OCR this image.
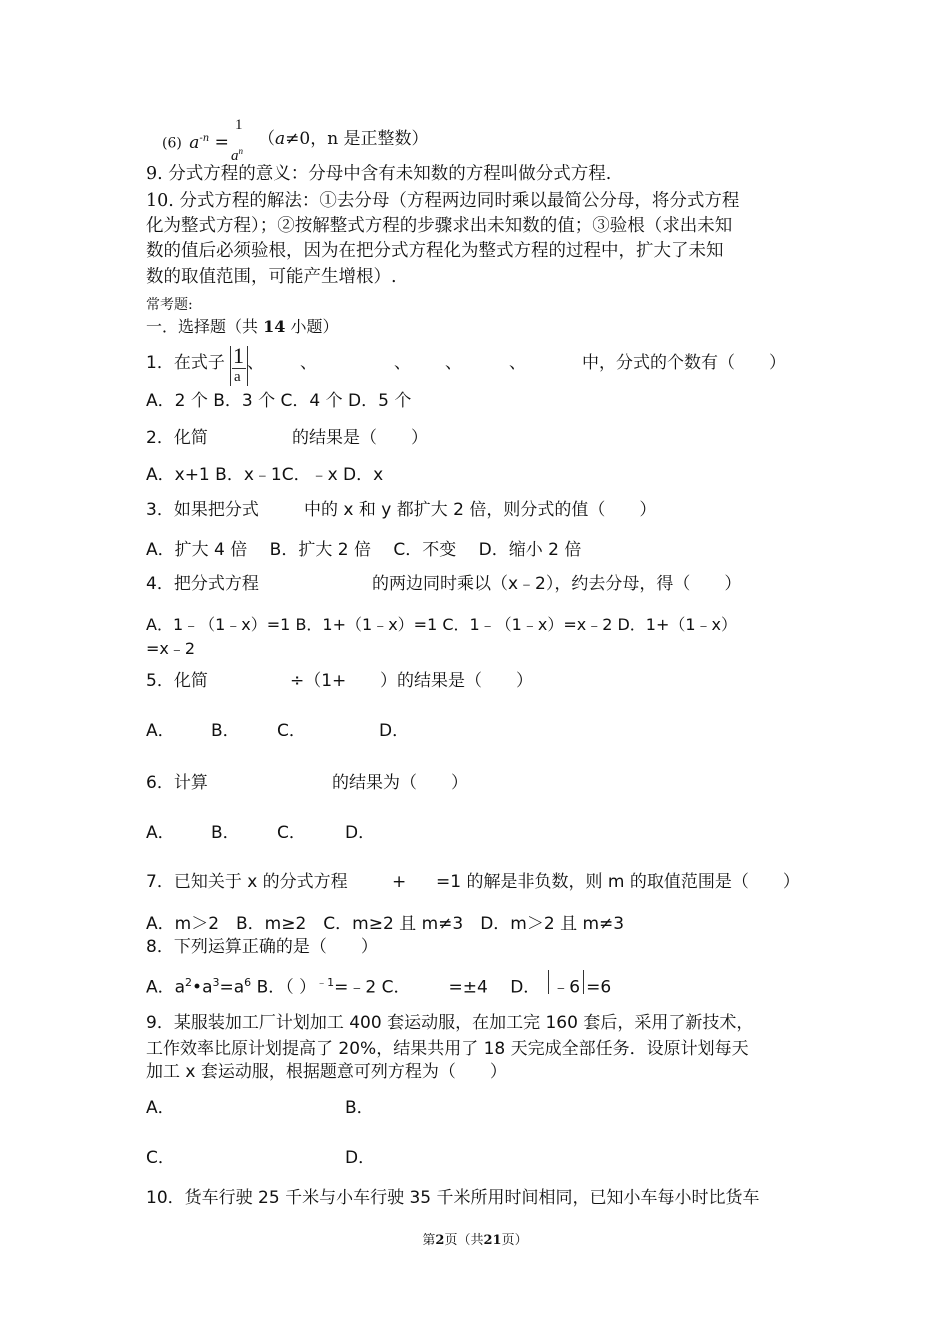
(6) $a^{-n}$ =
1
$a^n$
（a≠0，n 是正整数）
9. 分式方程的意义：分母中含有未知数的方程叫做分式方程.
10. 分式方程的解法：①去分母（方程两边同时乘以最简公分母，将分式方程
化为整式方程）；②按解整式方程的步骤求出未知数的值；③验根（求出未知
数的值后必须验根，因为在把分式方程化为整式方程的过程中，扩大了未知
数的取值范围，可能产生增根）.
常考题:
一．选择题（共 14 小题）
1．在式子 1
a
、 、	、 、	、	中，分式的个数有（　　）
A．2 个 B．3 个 C．4 个 D．5 个
2．化简	的结果是（　　）
A．x+1 B．x﹣1C．﹣x D．x
3．如果把分式	中的 x 和 y 都扩大 2 倍，则分式的值（　　）
A．扩大 4 倍　 B．扩大 2 倍　 C．不变　 D．缩小 2 倍
4．把分式方程	的两边同时乘以（x﹣2），约去分母，得（　　）
A．1﹣（1﹣x）=1 B．1+（1﹣x）=1 C．1﹣（1﹣x）=x﹣2 D．1+（1﹣x）
=x﹣2
5．化简	÷（1+ ）的结果是（　　）
A． B． C．	D．
6．计算	的结果为（　　）
A． B． C． D．
7．已知关于 x 的分式方程	+ =1 的解是非负数，则 m 的取值范围是（　　）
A．m＞2　B．m≥2　C．m≥2 且 m≠3　D．m＞2 且 m≠3
8．下列运算正确的是（　　）
A．$a^2•a^3=a^6$ B．（ ）$^{﹣1}$=﹣2 C． =±4　 D． ﹣6 =6
9．某服装加工厂计划加工 400 套运动服，在加工完 160 套后，采用了新技术，
工作效率比原计划提高了 20%，结果共用了 18 天完成全部任务．设原计划每天
加工 x 套运动服，根据题意可列方程为（　　）
A．	B．
C．	D．
10．货车行驶 25 千米与小车行驶 35 千米所用时间相同，已知小车每小时比货车
第2页（共21页）
